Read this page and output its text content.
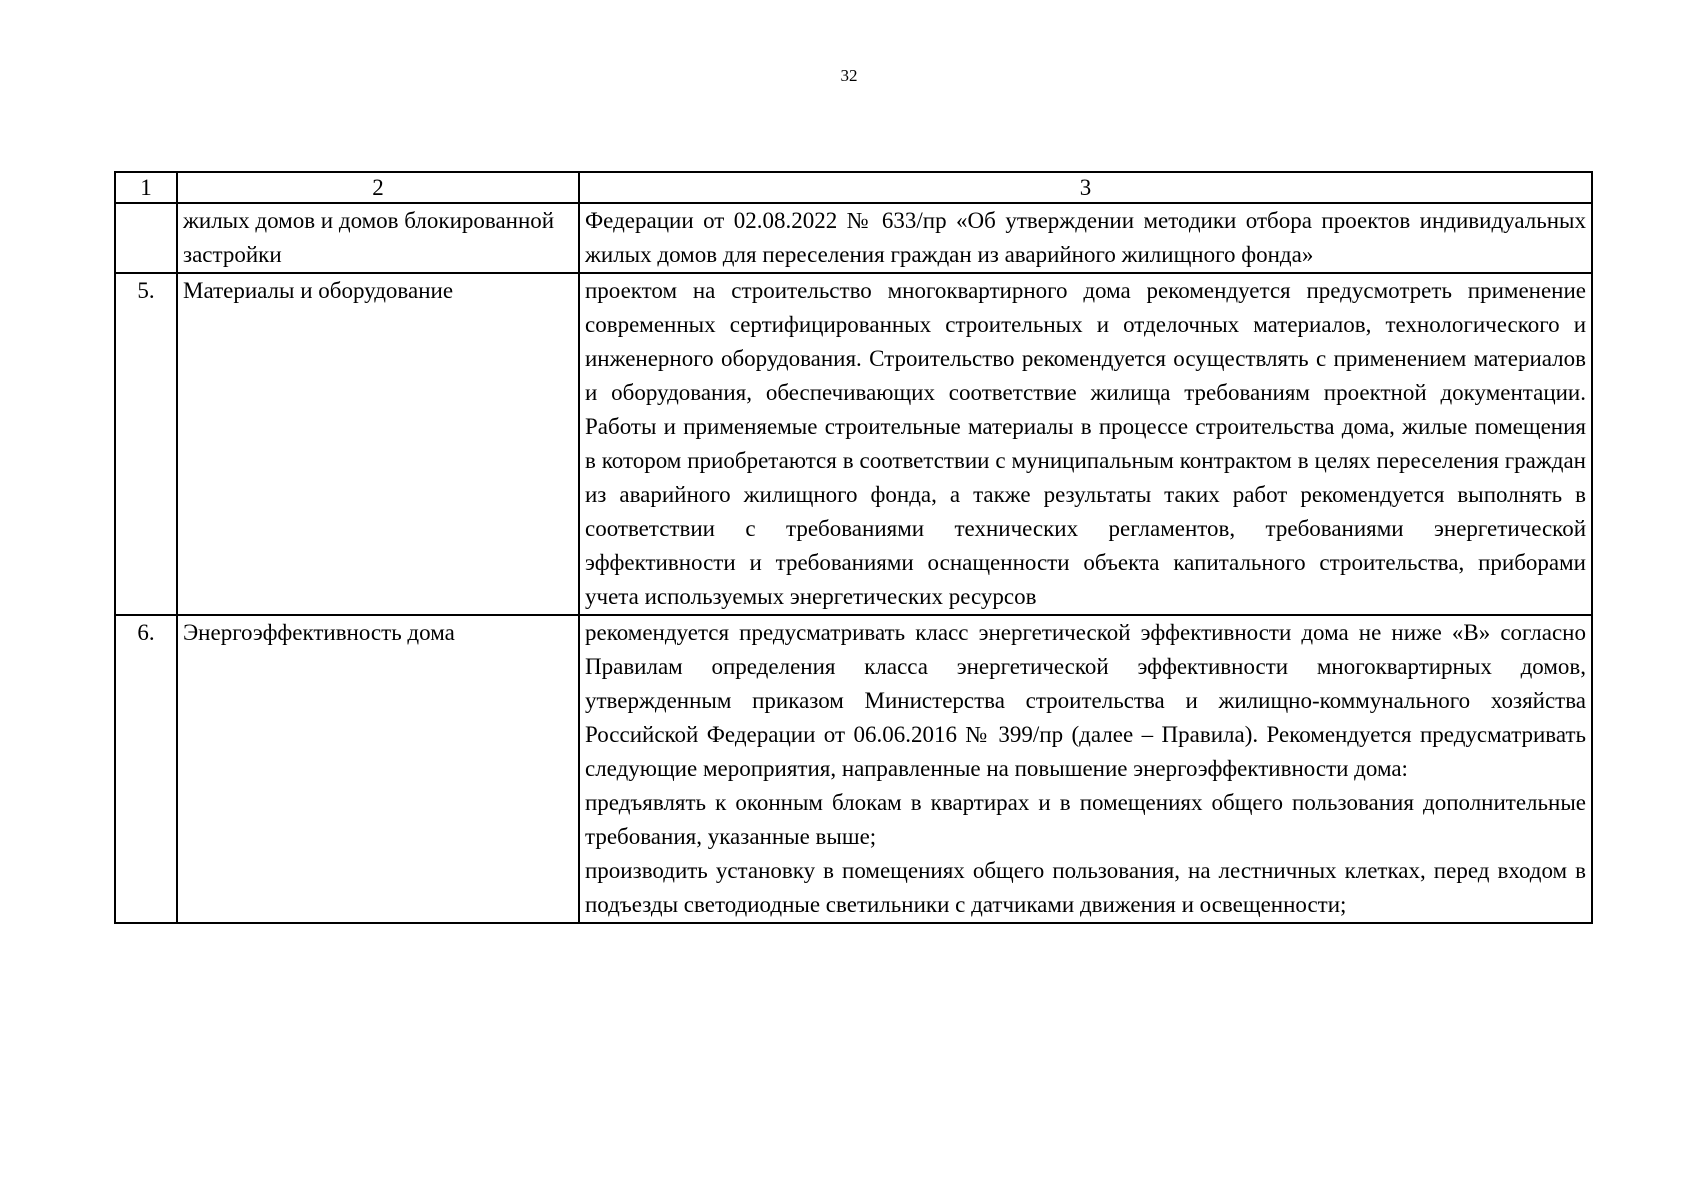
32
1	2	3
	жилых домов и домов блокированной застройки	Федерации от 02.08.2022 № 633/пр «Об утверждении методики отбора проектов индивидуальных жилых домов для переселения граждан из аварийного жилищного фонда»

5.	Материалы и оборудование	проектом на строительство многоквартирного дома рекомендуется предусмотреть применение современных сертифицированных строительных и отделочных материалов, технологического и инженерного оборудования. Строительство рекомендуется осуществлять с применением материалов и оборудования, обеспечивающих соответствие жилища требованиям проектной документации. Работы и применяемые строительные материалы в процессе строительства дома, жилые помещения в котором приобретаются в соответствии с муниципальным контрактом в целях переселения граждан из аварийного жилищного фонда, а также результаты таких работ рекомендуется выполнять в соответствии с требованиями технических регламентов, требованиями энергетической эффективности и требованиями оснащенности объекта капитального строительства, приборами учета используемых энергетических ресурсов

6.	Энергоэффективность дома	рекомендуется предусматривать класс энергетической эффективности дома не ниже «В» согласно Правилам определения класса энергетической эффективности многоквартирных домов, утвержденным приказом Министерства строительства и жилищно-коммунального хозяйства Российской Федерации от 06.06.2016 № 399/пр (далее – Правила). Рекомендуется предусматривать следующие мероприятия, направленные на повышение энергоэффективности дома:

предъявлять к оконным блокам в квартирах и в помещениях общего пользования дополнительные требования, указанные выше;

производить установку в помещениях общего пользования, на лестничных клетках, перед входом в подъезды светодиодные светильники с датчиками движения и освещенности;
